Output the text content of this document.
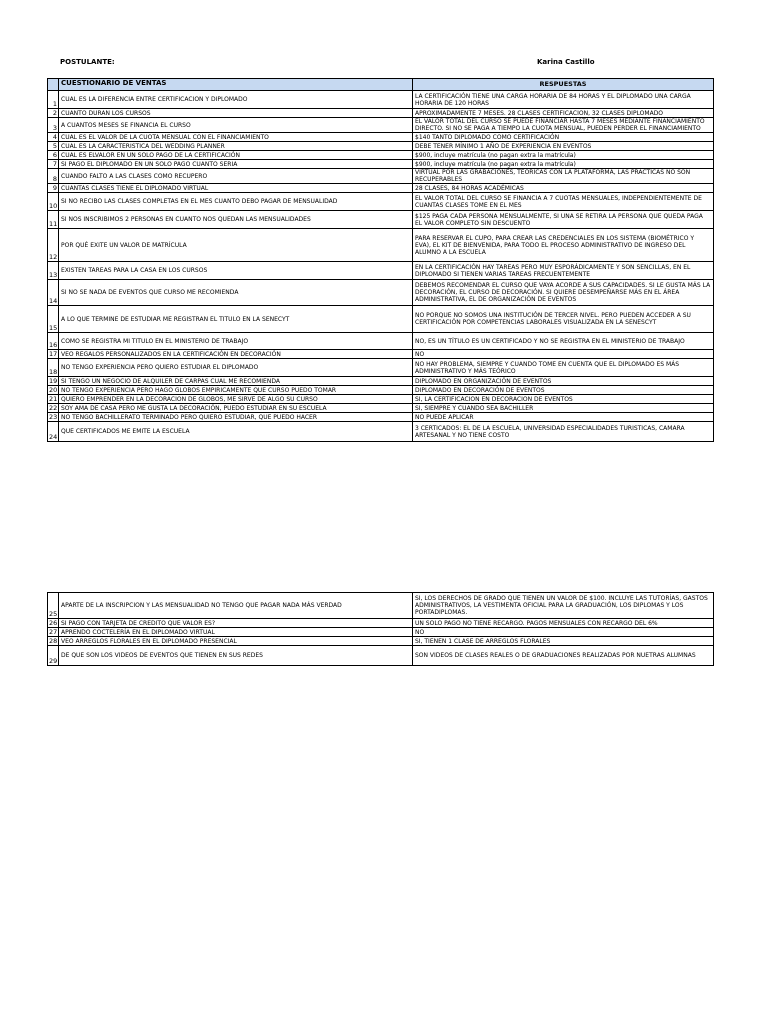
POSTULANTE:	Karina Castillo
	CUESTIONARIO DE VENTAS	RESPUESTAS
1	CUAL ES LA DIFERENCIA ENTRE CERTIFICACION Y DIPLOMADO	LA CERTIFICACIÓN TIENE UNA CARGA HORARIA DE 84 HORAS Y EL DIPLOMADO UNA CARGA HORARIA DE 120 HORAS
2	CUANTO DURAN LOS CURSOS	APROXIMADAMENTE 7 MESES. 28 CLASES CERTIFICACION, 32 CLASES DIPLOMADO
3	A CUANTOS MESES SE FINANCIA EL CURSO	EL VALOR TOTAL DEL CURSO SE PUEDE FINANCIAR HASTA 7 MESES MEDIANTE FINANCIAMIENTO DIRECTO. SI NO SE PAGA A TIEMPO LA CUOTA MENSUAL, PUEDEN PERDER EL FINANCIAMIENTO
4	CUAL ES EL VALOR DE LA CUOTA MENSUAL CON EL FINANCIAMIENTO	$140 TANTO DIPLOMADO COMO CERTIFICACIÓN
5	CUAL ES LA CARACTERISTICA DEL WEDDING PLANNER	DEBE TENER MÍNIMO 1 AÑO DE EXPERIENCIA EN EVENTOS
6	CUAL ES ELVALOR EN UN SOLO PAGO DE LA CERTIFICACIÓN	$900, incluye matrícula (no pagan extra la matrícula)
7	SI PAGO EL DIPLOMADO EN UN SOLO PAGO CUANTO SERIA	$900, incluye matrícula (no pagan extra la matrícula)
8	CUANDO FALTO A LAS CLASES COMO RECUPERO	VIRTUAL POR LAS GRABACIONES, TEÓRICAS CON LA PLATAFORMA, LAS PRÁCTICAS NO SON RECUPERABLES
9	CUANTAS CLASES TIENE EL DIPLOMADO VIRTUAL	28 CLASES, 84 HORAS ACADÉMICAS
10	SI NO RECIBO LAS CLASES COMPLETAS EN EL MES CUANTO DEBO PAGAR DE MENSUALIDAD	EL VALOR TOTAL DEL CURSO SE FINANCIA A 7 CUOTAS MENSUALES, INDEPENDIENTEMENTE DE CUANTAS CLASES TOME EN EL MES
11	SI NOS INSCRIBIMOS 2 PERSONAS EN CUANTO NOS QUEDAN LAS MENSUALIDADES	$125 PAGA CADA PERSONA MENSUALMENTE, SI UNA SE RETIRA LA PERSONA QUE QUEDA PAGA EL VALOR COMPLETO SIN DESCUENTO
12	POR QUÉ EXITE UN VALOR DE MATRÍCULA	PARA RESERVAR EL CUPO, PARA CREAR LAS CREDENCIALES EN LOS SISTEMA (BIOMÉTRICO Y EVA), EL KIT DE BIENVENIDA, PARA TODO EL PROCESO ADMINISTRATIVO DE INGRESO DEL ALUMNO A LA ESCUELA
13	EXISTEN TAREAS PARA LA CASA EN LOS CURSOS	EN LA CERTIFICACIÓN HAY TAREAS PERO MUY ESPORÁDICAMENTE Y SON SENCILLAS, EN EL DIPLOMADO SI TIENEN VARIAS TAREAS FRECUENTEMENTE
14	SI NO SE NADA DE EVENTOS QUE CURSO ME RECOMIENDA	DEBEMOS RECOMENDAR EL CURSO QUE VAYA ACORDE A SUS CAPACIDADES. SI LE GUSTA MÁS LA DECORACIÓN, EL CURSO DE DECORACIÓN. SI QUIERE DESEMPEÑARSE MÁS EN EL ÁREA ADMINISTRATIVA, EL DE ORGANIZACIÓN DE EVENTOS
15	A LO QUE TERMINE DE ESTUDIAR ME REGISTRAN EL TITULO EN LA SENECYT	NO PORQUE NO SOMOS UNA INSTITUCIÓN DE TERCER NIVEL. PERO PUEDEN ACCEDER A SU CERTIFICACIÓN POR COMPETENCIAS LABORALES VISUALIZADA EN LA SENESCYT
16	COMO SE REGISTRA MI TITULO EN EL MINISTERIO DE TRABAJO	NO, ES UN TÍTULO ES UN CERTIFICADO Y NO SE REGISTRA EN EL MINISTERIO DE TRABAJO
17	VEO REGALOS PERSONALIZADOS EN LA CERTIFICACIÓN EN DECORACIÓN	NO
18	NO TENGO EXPERIENCIA PERO QUIERO ESTUDIAR EL DIPLOMADO	NO HAY PROBLEMA, SIEMPRE Y CUANDO TOME EN CUENTA QUE EL DIPLOMADO ES MÁS ADMINISTRATIVO Y MÁS TEÓRICO
19	SI TENGO UN NEGOCIO DE ALQUILER DE CARPAS CUAL ME RECOMIENDA	DIPLOMADO EN ORGANIZACIÓN DE EVENTOS
20	NO TENGO EXPERIENCIA PERO HAGO GLOBOS EMPIRICAMENTE QUE CURSO PUEDO TOMAR	DIPLOMADO EN DECORACIÓN DE EVENTOS
21	QUIERO EMPRENDER EN LA DECORACION DE GLOBOS, ME SIRVE DE ALGO SU CURSO	SI, LA CERTIFICACION EN DECORACION DE EVENTOS
22	SOY AMA DE CASA PERO ME GUSTA LA DECORACIÓN, PUEDO ESTUDIAR EN SU ESCUELA	SI, SIEMPRE Y CUANDO SEA BACHILLER
23	NO TENGO BACHILLERATO TERMINADO PERO QUIERO ESTUDIAR, QUE PUEDO HACER	NO PUEDE APLICAR
24	QUE CERTIFICADOS ME EMITE LA ESCUELA	3 CERTICADOS: EL DE LA ESCUELA, UNIVERSIDAD ESPECIALIDADES TURISTICAS, CAMARA ARTESANAL Y NO TIENE COSTO
25	APARTE DE LA INSCRIPCION Y LAS MENSUALIDAD NO TENGO QUE PAGAR NADA MÁS VERDAD	SI, LOS DERECHOS DE GRADO QUE TIENEN UN VALOR DE $100. INCLUYE LAS TUTORÍAS, GASTOS ADMINISTRATIVOS, LA VESTIMENTA OFICIAL PARA LA GRADUACIÓN, LOS DIPLOMAS Y LOS PORTADIPLOMAS.
26	SI PAGO CON TARJETA DE CREDITO QUE VALOR ES?	UN SOLO PAGO NO TIENE RECARGO. PAGOS MENSUALES CON RECARGO DEL 6%
27	APRENDO COCTELERÍA EN EL DIPLOMADO VIRTUAL	NO
28	VEO ARREGLOS FLORALES EN EL DIPLOMADO PRESENCIAL	SI, TIENEN 1 CLASE DE ARREGLOS FLORALES
29	DE QUE SON LOS VIDEOS DE EVENTOS QUE TIENEN EN SUS REDES	SON VIDEOS DE CLASES REALES O DE GRADUACIONES REALIZADAS POR NUETRAS ALUMNAS
